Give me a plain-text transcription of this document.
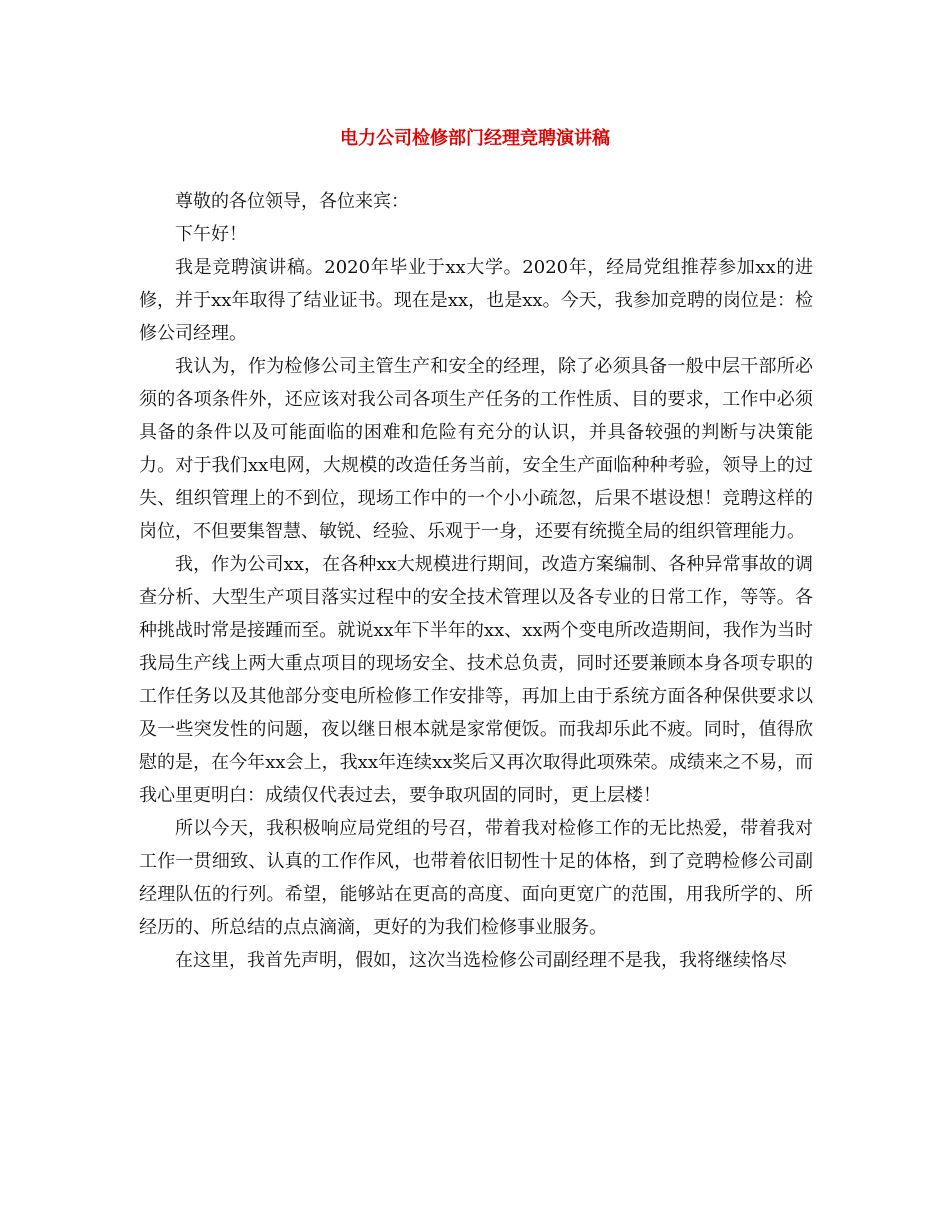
电力公司检修部门经理竞聘演讲稿

尊敬的各位领导，各位来宾：

下午好！

我是竞聘演讲稿。2020年毕业于xx大学。2020年，经局党组推荐参加xx的进修，并于xx年取得了结业证书。现在是xx，也是xx。今天，我参加竞聘的岗位是：检修公司经理。

我认为，作为检修公司主管生产和安全的经理，除了必须具备一般中层干部所必须的各项条件外，还应该对我公司各项生产任务的工作性质、目的要求，工作中必须具备的条件以及可能面临的困难和危险有充分的认识，并具备较强的判断与决策能力。对于我们xx电网，大规模的改造任务当前，安全生产面临种种考验，领导上的过失、组织管理上的不到位，现场工作中的一个小小疏忽，后果不堪设想！竞聘这样的岗位，不但要集智慧、敏锐、经验、乐观于一身，还要有统揽全局的组织管理能力。

我，作为公司xx，在各种xx大规模进行期间，改造方案编制、各种异常事故的调查分析、大型生产项目落实过程中的安全技术管理以及各专业的日常工作，等等。各种挑战时常是接踵而至。就说xx年下半年的xx、xx两个变电所改造期间，我作为当时我局生产线上两大重点项目的现场安全、技术总负责，同时还要兼顾本身各项专职的工作任务以及其他部分变电所检修工作安排等，再加上由于系统方面各种保供要求以及一些突发性的问题，夜以继日根本就是家常便饭。而我却乐此不疲。同时，值得欣慰的是，在今年xx会上，我xx年连续xx奖后又再次取得此项殊荣。成绩来之不易，而我心里更明白：成绩仅代表过去，要争取巩固的同时，更上层楼！

所以今天，我积极响应局党组的号召，带着我对检修工作的无比热爱，带着我对工作一贯细致、认真的工作作风，也带着依旧韧性十足的体格，到了竞聘检修公司副经理队伍的行列。希望，能够站在更高的高度、面向更宽广的范围，用我所学的、所经历的、所总结的点点滴滴，更好的为我们检修事业服务。

在这里，我首先声明，假如，这次当选检修公司副经理不是我，我将继续恪尽
